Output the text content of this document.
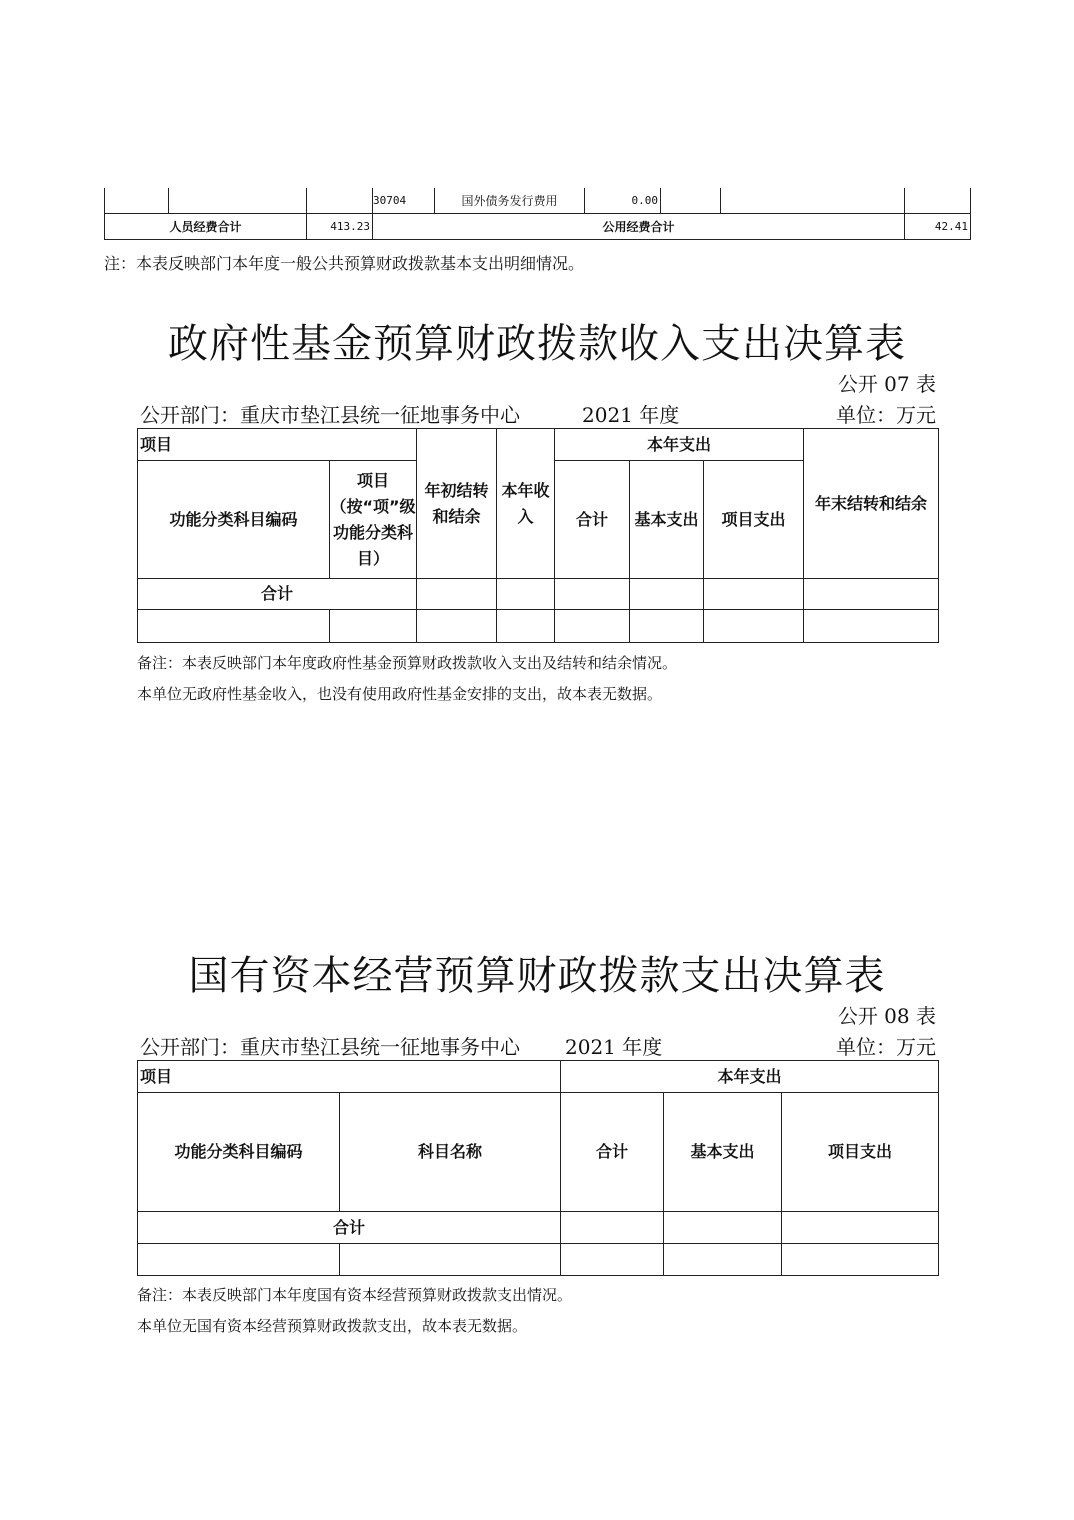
			30704	国外债务发行费用	0.00			
人员经费合计		413.23	公用经费合计					42.41
注：本表反映部门本年度一般公共预算财政拨款基本支出明细情况。
政府性基金预算财政拨款收入支出决算表
公开 07 表
公开部门：重庆市垫江县统一征地事务中心	2021 年度	单位：万元
项目		年初结转和结余	本年收入	本年支出			年末结转和结余
功能分类科目编码	项目（按“项”级功能分类科目）			合计	基本支出	项目支出	
合计							

备注：本表反映部门本年度政府性基金预算财政拨款收入支出及结转和结余情况。
本单位无政府性基金收入，也没有使用政府性基金安排的支出，故本表无数据。
国有资本经营预算财政拨款支出决算表
公开 08 表
公开部门：重庆市垫江县统一征地事务中心 2021 年度	单位：万元
项目		本年支出		
功能分类科目编码	科目名称	合计	基本支出	项目支出
合计				

备注：本表反映部门本年度国有资本经营预算财政拨款支出情况。
本单位无国有资本经营预算财政拨款支出，故本表无数据。
